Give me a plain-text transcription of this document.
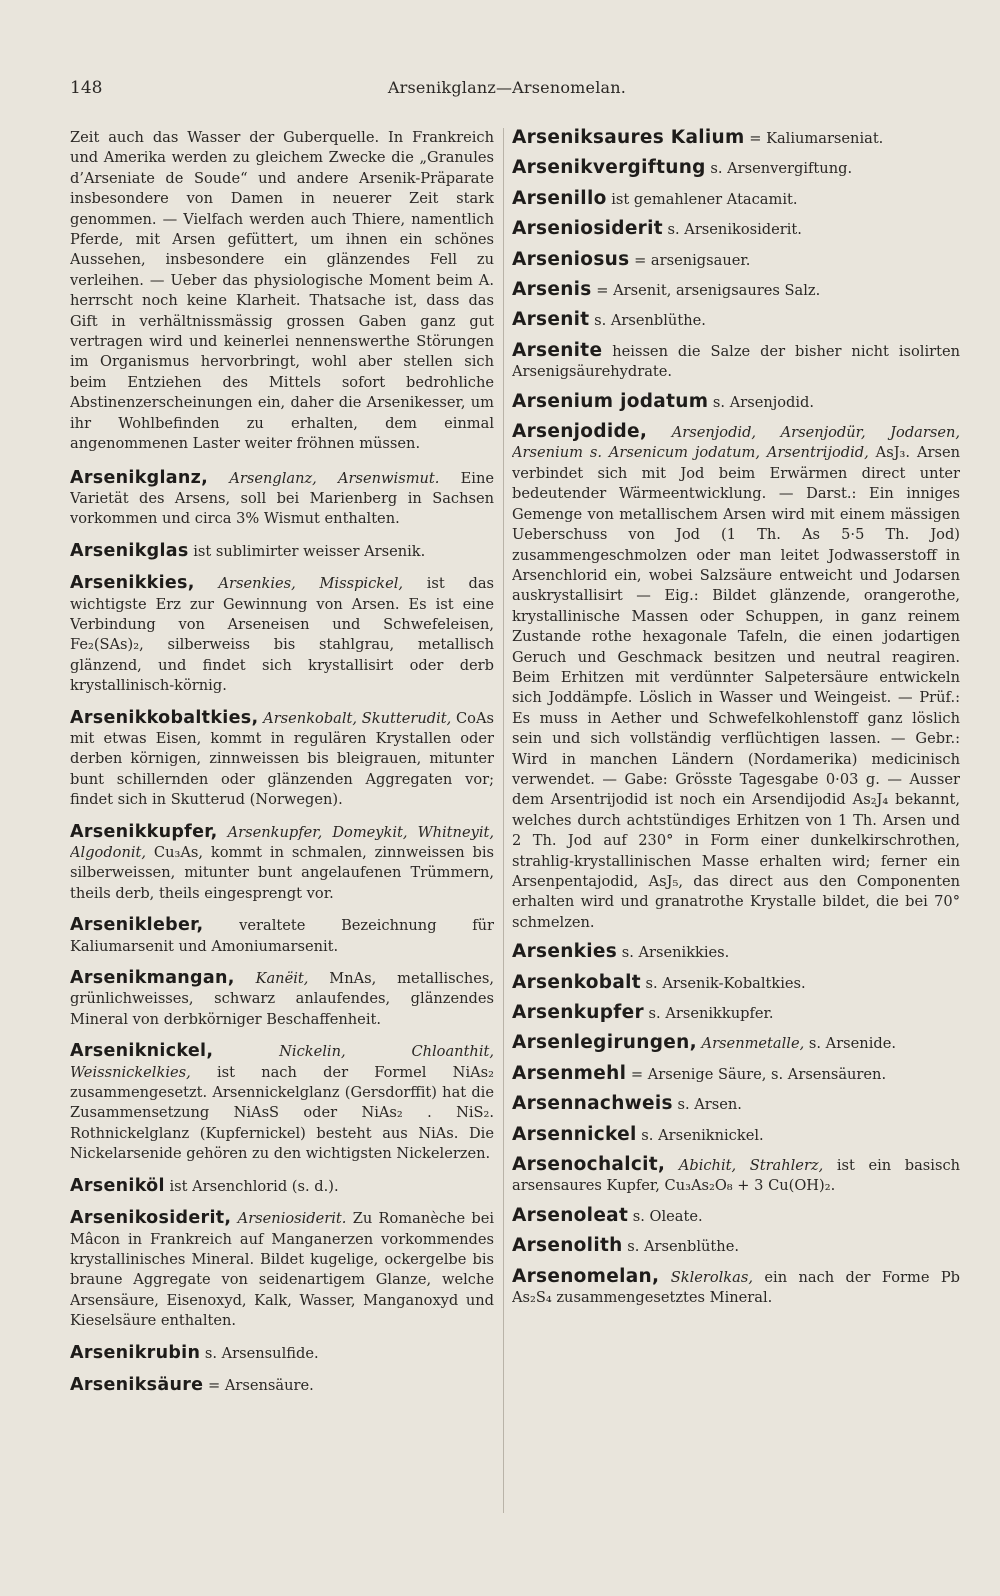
148	Arsenikglanz—Arsenomelan.

Zeit auch das Wasser der Guberquelle. In Frankreich und Amerika werden zu gleichem Zwecke die „Granules d’Arseniate de Soude“ und andere Arsenik-Präparate insbesondere von Damen in neuerer Zeit stark genommen. — Vielfach werden auch Thiere, namentlich Pferde, mit Arsen gefüttert, um ihnen ein schönes Aussehen, insbesondere ein glänzendes Fell zu verleihen. — Ueber das physiologische Moment beim A. herrscht noch keine Klarheit. Thatsache ist, dass das Gift in verhältnissmässig grossen Gaben ganz gut vertragen wird und keinerlei nennenswerthe Störungen im Organismus hervorbringt, wohl aber stellen sich beim Entziehen des Mittels sofort bedrohliche Abstinenzerscheinungen ein, daher die Arsenikesser, um ihr Wohlbefinden zu erhalten, dem einmal angenommenen Laster weiter fröhnen müssen.

Arsenikglanz, Arsenglanz, Arsenwismut. Eine Varietät des Arsens, soll bei Marienberg in Sachsen vorkommen und circa 3% Wismut enthalten.

Arsenikglas ist sublimirter weisser Arsenik.

Arsenikkies, Arsenkies, Misspickel, ist das wichtigste Erz zur Gewinnung von Arsen. Es ist eine Verbindung von Arseneisen und Schwefeleisen, Fe₂(SAs)₂, silberweiss bis stahlgrau, metallisch glänzend, und findet sich krystallisirt oder derb krystallinisch-körnig.

Arsenikkobaltkies, Arsenkobalt, Skutterudit, CoAs mit etwas Eisen, kommt in regulären Krystallen oder derben körnigen, zinnweissen bis bleigrauen, mitunter bunt schillernden oder glänzenden Aggregaten vor; findet sich in Skutterud (Norwegen).

Arsenikkupfer, Arsenkupfer, Domeykit, Whitneyit, Algodonit, Cu₃As, kommt in schmalen, zinnweissen bis silberweissen, mitunter bunt angelaufenen Trümmern, theils derb, theils eingesprengt vor.

Arsenikleber, veraltete Bezeichnung für Kaliumarsenit und Amoniumarsenit.

Arsenikmangan, Kanëit, MnAs, metallisches, grünlichweisses, schwarz anlaufendes, glänzendes Mineral von derbkörniger Beschaffenheit.

Arseniknickel,	Nickelin, Chloanthit, Weissnickelkies, ist nach der Formel NiAs₂ zusammengesetzt. Arsennickelglanz (Gersdorffit) hat die Zusammensetzung NiAsS oder NiAs₂ . NiS₂. Rothnickelglanz (Kupfernickel) besteht aus NiAs. Die Nickelarsenide gehören zu den wichtigsten Nickelerzen.

Arseniköl ist Arsenchlorid (s. d.).

Arsenikosiderit, Arseniosiderit. Zu Romanèche bei Mâcon in Frankreich auf Manganerzen vorkommendes krystallinisches Mineral. Bildet kugelige, ockergelbe bis braune Aggregate von seidenartigem Glanze, welche Arsensäure, Eisenoxyd, Kalk, Wasser, Manganoxyd und Kieselsäure enthalten.

Arsenikrubin s. Arsensulfide.

Arseniksäure = Arsensäure.

Arseniksaures Kalium = Kaliumarseniat.

Arsenikvergiftung s. Arsenvergiftung.

Arsenillo ist gemahlener Atacamit.

Arseniosiderit s. Arsenikosiderit.

Arseniosus = arsenigsauer.

Arsenis = Arsenit, arsenigsaures Salz.

Arsenit s. Arsenblüthe.

Arsenite heissen die Salze der bisher nicht isolirten Arsenigsäurehydrate.

Arsenium jodatum s. Arsenjodid.

Arsenjodide, Arsenjodid, Arsenjodür, Jodarsen, Arsenium s. Arsenicum jodatum, Arsentrijodid, AsJ₃. Arsen verbindet sich mit Jod beim Erwärmen direct unter bedeutender Wärmeentwicklung. — Darst.: Ein inniges Gemenge von metallischem Arsen wird mit einem mässigen Ueberschuss von Jod (1 Th. As 5·5 Th. Jod) zusammengeschmolzen oder man leitet Jodwasserstoff in Arsenchlorid ein, wobei Salzsäure entweicht und Jodarsen auskrystallisirt — Eig.: Bildet glänzende, orangerothe, krystallinische Massen oder Schuppen, in ganz reinem Zustande rothe hexagonale Tafeln, die einen jodartigen Geruch und Geschmack besitzen und neutral reagiren. Beim Erhitzen mit verdünnter Salpetersäure entwickeln sich Joddämpfe. Löslich in Wasser und Weingeist. — Prüf.: Es muss in Aether und Schwefelkohlenstoff ganz löslich sein und sich vollständig verflüchtigen lassen. — Gebr.: Wird in manchen Ländern (Nordamerika) medicinisch verwendet. — Gabe: Grösste Tagesgabe 0·03 g. — Ausser dem Arsentrijodid ist noch ein Arsendijodid As₂J₄ bekannt, welches durch achtstündiges Erhitzen von 1 Th. Arsen und 2 Th. Jod auf 230° in Form einer dunkelkirschrothen, strahlig-krystallinischen Masse erhalten wird; ferner ein Arsenpentajodid, AsJ₅, das direct aus den Componenten erhalten wird und granatrothe Krystalle bildet, die bei 70° schmelzen.

Arsenkies s. Arsenikkies.

Arsenkobalt s. Arsenik-Kobaltkies.

Arsenkupfer s. Arsenikkupfer.

Arsenlegirungen, Arsenmetalle, s. Arsenide.

Arsenmehl = Arsenige Säure, s. Arsensäuren.

Arsennachweis s. Arsen.

Arsennickel s. Arseniknickel.

Arsenochalcit, Abichit, Strahlerz, ist ein basisch arsensaures Kupfer, Cu₃As₂O₈ + 3 Cu(OH)₂.

Arsenoleat s. Oleate.

Arsenolith s. Arsenblüthe.

Arsenomelan, Sklerolkas, ein nach der Forme Pb As₂S₄ zusammengesetztes Mineral.
